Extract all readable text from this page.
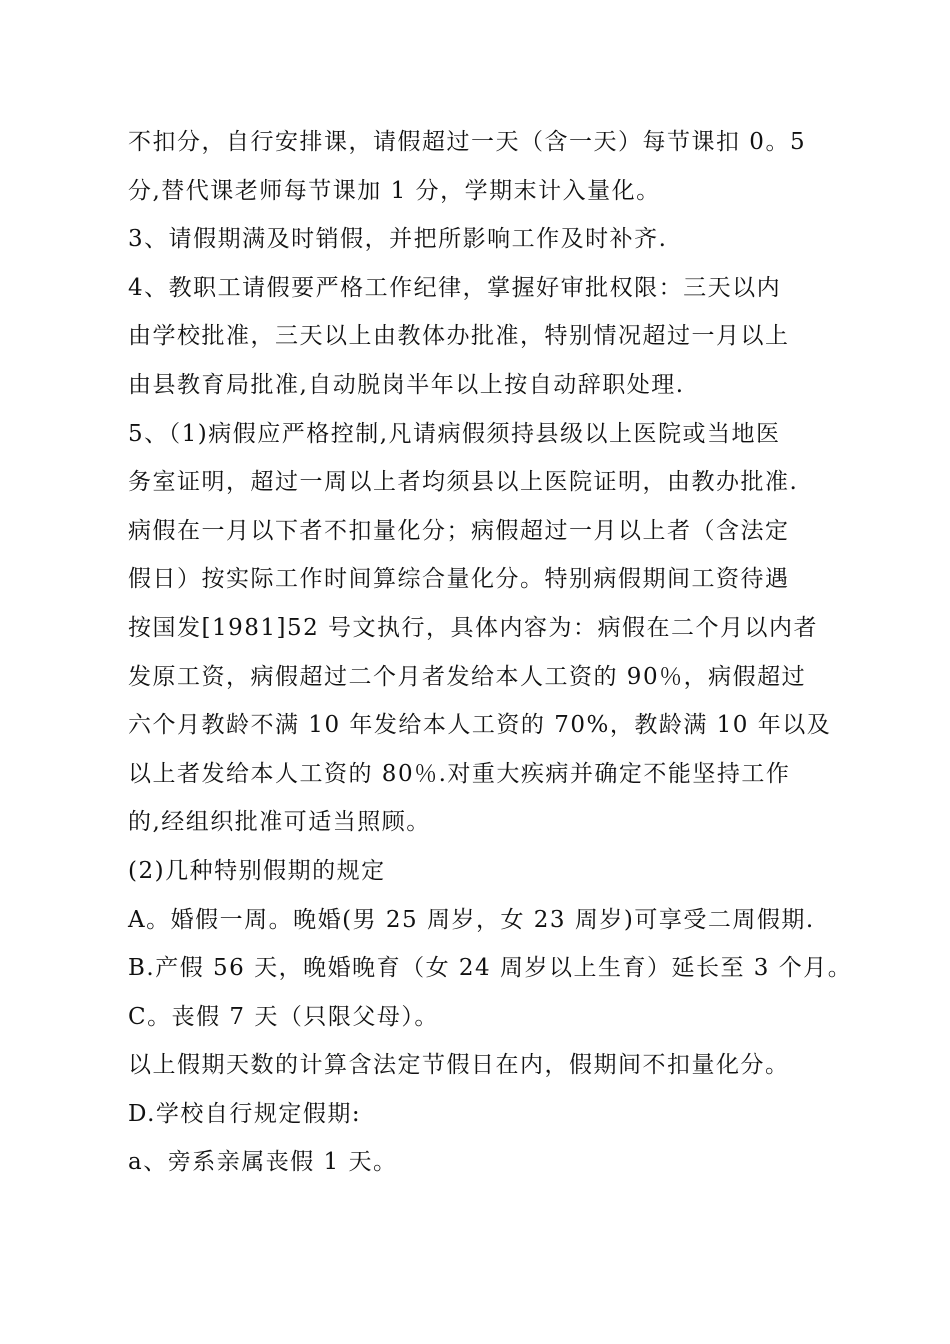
不扣分，自行安排课，请假超过一天（含一天）每节课扣 0。5
分,替代课老师每节课加 1 分，学期末计入量化。
3、请假期满及时销假，并把所影响工作及时补齐.
4、教职工请假要严格工作纪律，掌握好审批权限：三天以内
由学校批准，三天以上由教体办批准，特别情况超过一月以上
由县教育局批准,自动脱岗半年以上按自动辞职处理.
5、（1)病假应严格控制,凡请病假须持县级以上医院或当地医
务室证明，超过一周以上者均须县以上医院证明，由教办批准.
病假在一月以下者不扣量化分；病假超过一月以上者（含法定
假日）按实际工作时间算综合量化分。特别病假期间工资待遇
按国发[1981]52 号文执行，具体内容为：病假在二个月以内者
发原工资，病假超过二个月者发给本人工资的 90％，病假超过
六个月教龄不满 10 年发给本人工资的 70%，教龄满 10 年以及
以上者发给本人工资的 80％.对重大疾病并确定不能坚持工作
的,经组织批准可适当照顾。
(2)几种特别假期的规定
A。婚假一周。晚婚(男 25 周岁，女 23 周岁)可享受二周假期.
B.产假 56 天，晚婚晚育（女 24 周岁以上生育）延长至 3 个月。
C。丧假 7 天（只限父母）。
以上假期天数的计算含法定节假日在内，假期间不扣量化分。
D.学校自行规定假期:
a、旁系亲属丧假 1 天。
